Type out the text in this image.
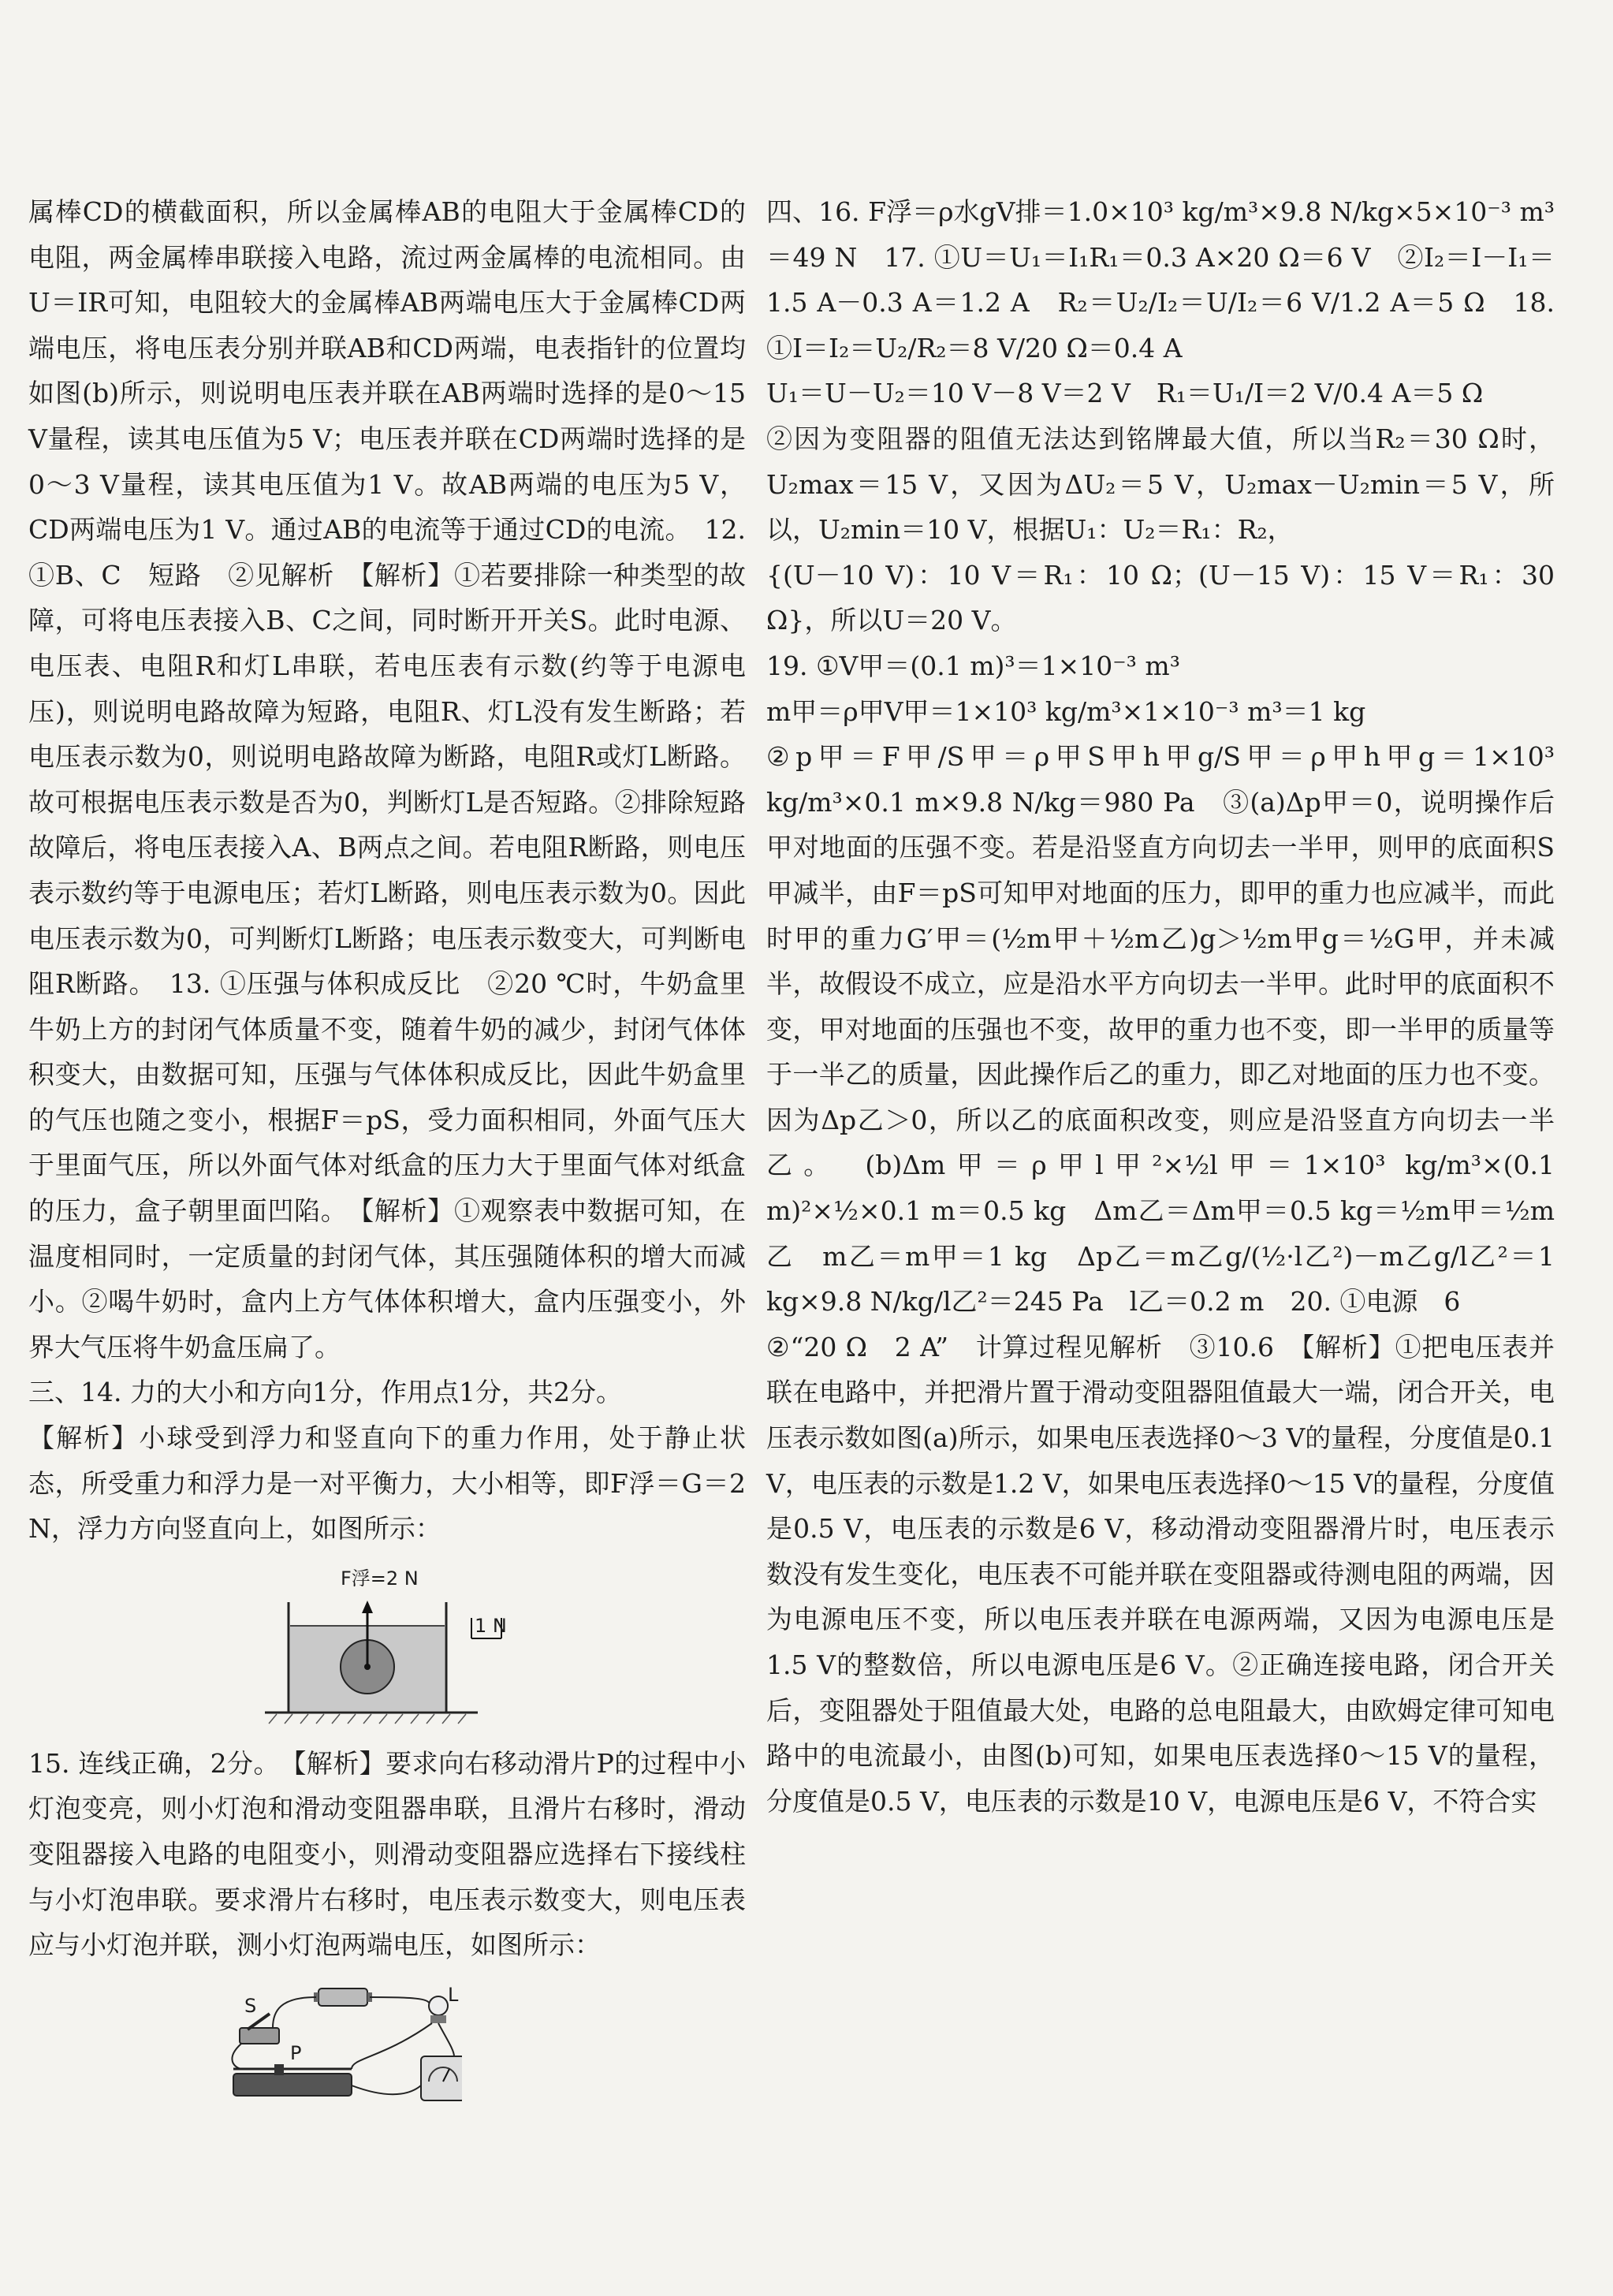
属棒CD的横截面积，所以金属棒AB的电阻大于金属棒CD的电阻，两金属棒串联接入电路，流过两金属棒的电流相同。由U＝IR可知，电阻较大的金属棒AB两端电压大于金属棒CD两端电压，将电压表分别并联AB和CD两端，电表指针的位置均如图(b)所示，则说明电压表并联在AB两端时选择的是0～15 V量程，读其电压值为5 V；电压表并联在CD两端时选择的是0～3 V量程，读其电压值为1 V。故AB两端的电压为5 V，CD两端电压为1 V。通过AB的电流等于通过CD的电流。　12. ①B、C　短路　②见解析　【解析】①若要排除一种类型的故障，可将电压表接入B、C之间，同时断开开关S。此时电源、电压表、电阻R和灯L串联，若电压表有示数(约等于电源电压)，则说明电路故障为短路，电阻R、灯L没有发生断路；若电压表示数为0，则说明电路故障为断路，电阻R或灯L断路。故可根据电压表示数是否为0，判断灯L是否短路。②排除短路故障后，将电压表接入A、B两点之间。若电阻R断路，则电压表示数约等于电源电压；若灯L断路，则电压表示数为0。因此电压表示数为0，可判断灯L断路；电压表示数变大，可判断电阻R断路。　13. ①压强与体积成反比　②20 ℃时，牛奶盒里牛奶上方的封闭气体质量不变，随着牛奶的减少，封闭气体体积变大，由数据可知，压强与气体体积成反比，因此牛奶盒里的气压也随之变小，根据F＝pS，受力面积相同，外面气压大于里面气压，所以外面气体对纸盒的压力大于里面气体对纸盒的压力，盒子朝里面凹陷。　【解析】①观察表中数据可知，在温度相同时，一定质量的封闭气体，其压强随体积的增大而减小。②喝牛奶时，盒内上方气体体积增大，盒内压强变小，外界大气压将牛奶盒压扁了。

三、14. 力的大小和方向1分，作用点1分，共2分。

【解析】小球受到浮力和竖直向下的重力作用，处于静止状态，所受重力和浮力是一对平衡力，大小相等，即F浮＝G＝2 N，浮力方向竖直向上，如图所示：

F浮=2 N
1 N

15. 连线正确，2分。　【解析】要求向右移动滑片P的过程中小灯泡变亮，则小灯泡和滑动变阻器串联，且滑片右移时，滑动变阻器接入电路的电阻变小，则滑动变阻器应选择右下接线柱与小灯泡串联。要求滑片右移时，电压表示数变大，则电压表应与小灯泡并联，测小灯泡两端电压，如图所示：

S	L
P

四、16. F浮＝ρ水gV排＝1.0×10³ kg/m³×9.8 N/kg×5×10⁻³ m³＝49 N　17. ①U＝U₁＝I₁R₁＝0.3 A×20 Ω＝6 V　②I₂＝I－I₁＝1.5 A－0.3 A＝1.2 A　R₂＝U₂/I₂＝U/I₂＝6 V/1.2 A＝5 Ω　18. ①I＝I₂＝U₂/R₂＝8 V/20 Ω＝0.4 A

U₁＝U－U₂＝10 V－8 V＝2 V　R₁＝U₁/I＝2 V/0.4 A＝5 Ω

②因为变阻器的阻值无法达到铭牌最大值，所以当R₂＝30 Ω时，U₂max＝15 V，又因为ΔU₂＝5 V，U₂max－U₂min＝5 V，所以，U₂min＝10 V，根据U₁：U₂＝R₁：R₂，

{(U－10 V)：10 V＝R₁：10 Ω；(U－15 V)：15 V＝R₁：30 Ω}，所以U＝20 V。

19. ①V甲＝(0.1 m)³＝1×10⁻³ m³

m甲＝ρ甲V甲＝1×10³ kg/m³×1×10⁻³ m³＝1 kg

②p甲＝F甲/S甲＝ρ甲S甲h甲g/S甲＝ρ甲h甲g＝1×10³ kg/m³×0.1 m×9.8 N/kg＝980 Pa　③(a)Δp甲＝0，说明操作后甲对地面的压强不变。若是沿竖直方向切去一半甲，则甲的底面积S甲减半，由F＝pS可知甲对地面的压力，即甲的重力也应减半，而此时甲的重力G′甲＝(½m甲＋½m乙)g＞½m甲g＝½G甲，并未减半，故假设不成立，应是沿水平方向切去一半甲。此时甲的底面积不变，甲对地面的压强也不变，故甲的重力也不变，即一半甲的质量等于一半乙的质量，因此操作后乙的重力，即乙对地面的压力也不变。因为Δp乙＞0，所以乙的底面积改变，则应是沿竖直方向切去一半乙。　(b)Δm甲＝ρ甲l甲²×½l甲＝1×10³ kg/m³×(0.1 m)²×½×0.1 m＝0.5 kg　Δm乙＝Δm甲＝0.5 kg＝½m甲＝½m乙　m乙＝m甲＝1 kg　Δp乙＝m乙g/(½·l乙²)－m乙g/l乙²＝1 kg×9.8 N/kg/l乙²＝245 Pa　l乙＝0.2 m　20. ①电源　6

②“20 Ω　2 A”　计算过程见解析　③10.6　【解析】①把电压表并联在电路中，并把滑片置于滑动变阻器阻值最大一端，闭合开关，电压表示数如图(a)所示，如果电压表选择0～3 V的量程，分度值是0.1 V，电压表的示数是1.2 V，如果电压表选择0～15 V的量程，分度值是0.5 V，电压表的示数是6 V，移动滑动变阻器滑片时，电压表示数没有发生变化，电压表不可能并联在变阻器或待测电阻的两端，因为电源电压不变，所以电压表并联在电源两端，又因为电源电压是1.5 V的整数倍，所以电源电压是6 V。②正确连接电路，闭合开关后，变阻器处于阻值最大处，电路的总电阻最大，由欧姆定律可知电路中的电流最小，由图(b)可知，如果电压表选择0～15 V的量程，分度值是0.5 V，电压表的示数是10 V，电源电压是6 V，不符合实
